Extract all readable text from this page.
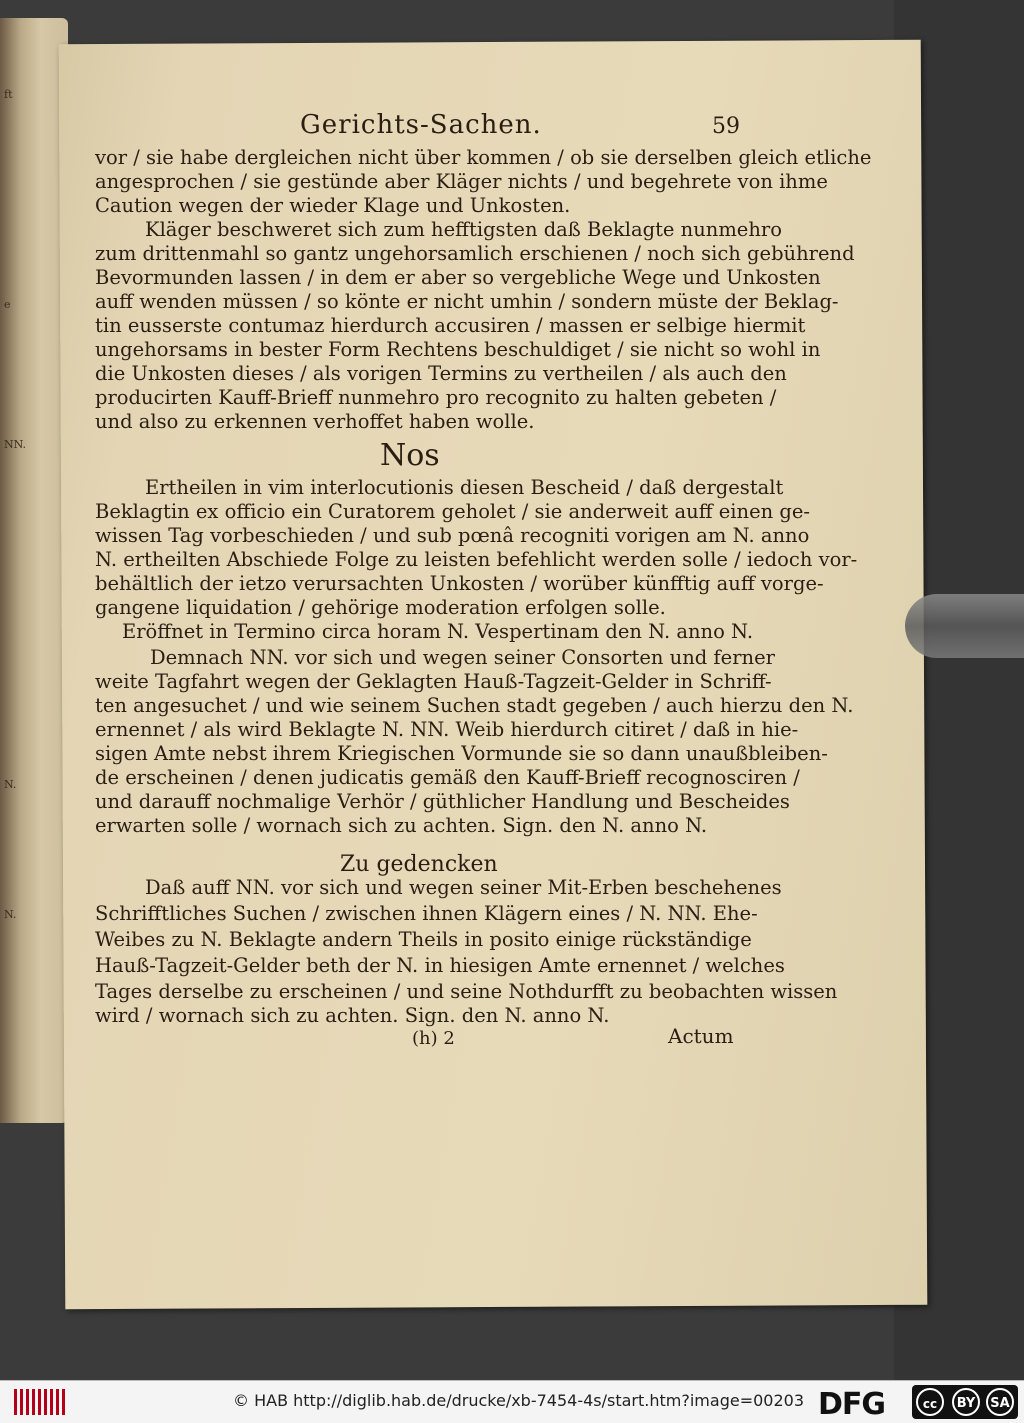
ft
e
NN.
N.
N.
Gerichts-Sachen.	59
vor / sie habe dergleichen nicht über kommen / ob sie derselben gleich etliche
angesprochen / sie gestünde aber Kläger nichts / und begehrete von ihme
Caution wegen der wieder Klage und Unkosten.
Kläger beschweret sich zum hefftigsten daß Beklagte nunmehro
zum drittenmahl so gantz ungehorsamlich erschienen / noch sich gebührend
Bevormunden lassen / in dem er aber so vergebliche Wege und Unkosten
auff wenden müssen / so könte er nicht umhin / sondern müste der Beklag-
tin eusserste contumaz hierdurch accusiren / massen er selbige hiermit
ungehorsams in bester Form Rechtens beschuldiget / sie nicht so wohl in
die Unkosten dieses / als vorigen Termins zu vertheilen / als auch den
producirten Kauff-Brieff nunmehro pro recognito zu halten gebeten /
und also zu erkennen verhoffet haben wolle.
Nos
Ertheilen in vim interlocutionis diesen Bescheid / daß dergestalt
Beklagtin ex officio ein Curatorem geholet / sie anderweit auff einen ge-
wissen Tag vorbeschieden / und sub pœnâ recogniti vorigen am N. anno
N. ertheilten Abschiede Folge zu leisten befehlicht werden solle / iedoch vor-
behältlich der ietzo verursachten Unkosten / worüber künfftig auff vorge-
gangene liquidation / gehörige moderation erfolgen solle.
Eröffnet in Termino circa horam N. Vespertinam den N. anno N.
Demnach NN. vor sich und wegen seiner Consorten und ferner
weite Tagfahrt wegen der Geklagten Hauß-Tagzeit-Gelder in Schriff-
ten angesuchet / und wie seinem Suchen stadt gegeben / auch hierzu den N.
ernennet / als wird Beklagte N. NN. Weib hierdurch citiret / daß in hie-
sigen Amte nebst ihrem Kriegischen Vormunde sie so dann unaußbleiben-
de erscheinen / denen judicatis gemäß den Kauff-Brieff recognosciren /
und darauff nochmalige Verhör / güthlicher Handlung und Bescheides
erwarten solle / wornach sich zu achten. Sign. den N. anno N.
Zu gedencken
Daß auff NN. vor sich und wegen seiner Mit-Erben beschehenes
Schrifftliches Suchen / zwischen ihnen Klägern eines / N. NN. Ehe-
Weibes zu N. Beklagte andern Theils in posito einige rückständige
Hauß-Tagzeit-Gelder beth der N. in hiesigen Amte ernennet / welches
Tages derselbe zu erscheinen / und seine Nothdurfft zu beobachten wissen
wird / wornach sich zu achten. Sign. den N. anno N.
(h) 2	Actum
© HAB http://diglib.hab.de/drucke/xb-7454-4s/start.htm?image=00203 DFG	cc	BY	SA
